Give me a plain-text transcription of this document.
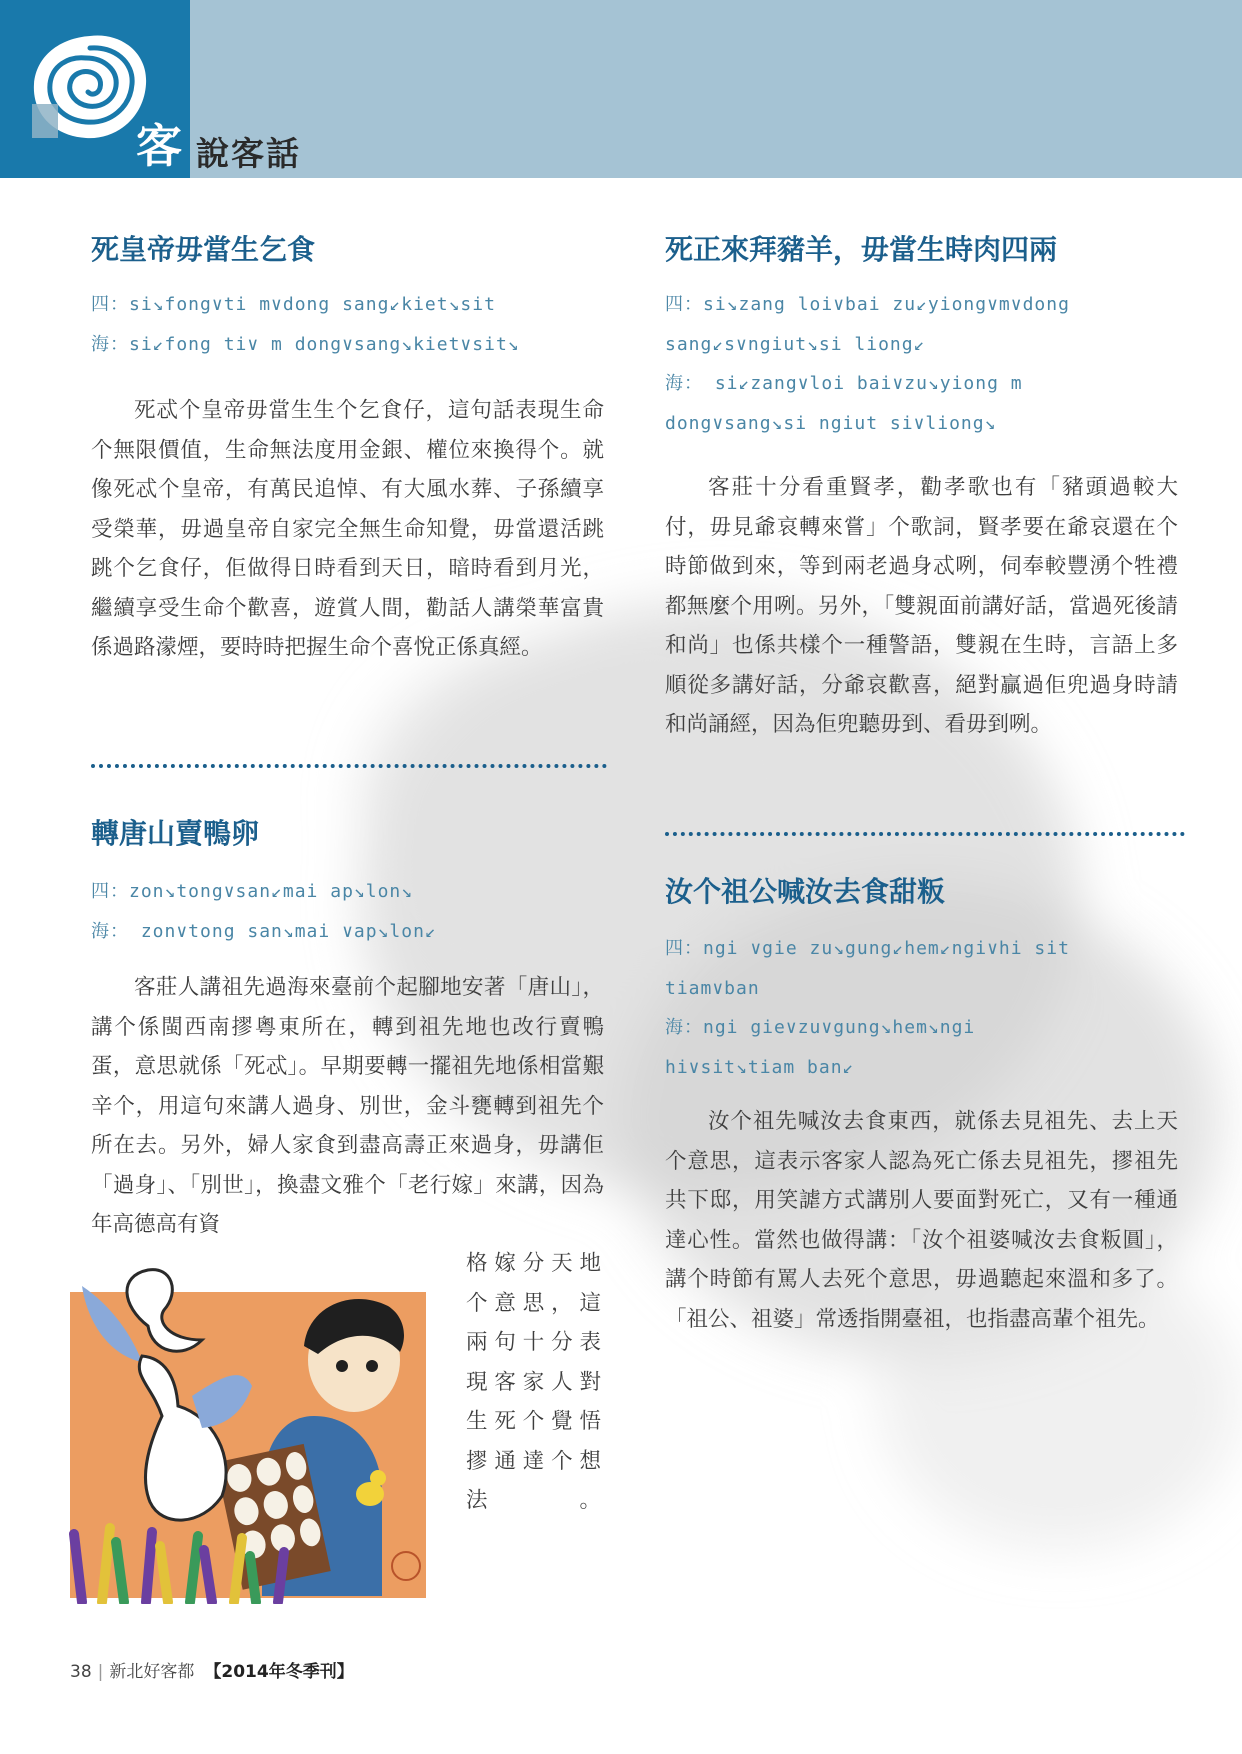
客 說客話
死皇帝毋當生乞食

四：si↘fong∨ti m∨dong sang↙kiet↘sit

海：si↙fong ti∨ m dong∨sang↘kiet∨sit↘

死忒个皇帝毋當生生个乞食仔，這句話表現生命个無限價值，生命無法度用金銀、權位來換得个。就像死忒个皇帝，有萬民追悼、有大風水葬、子孫續享受榮華，毋過皇帝自家完全無生命知覺，毋當還活跳跳个乞食仔，佢做得日時看到天日，暗時看到月光，繼續享受生命个歡喜，遊賞人間，勸話人講榮華富貴係過路濛煙，要時時把握生命个喜悅正係真經。

轉唐山賣鴨卵

四：zon↘tong∨san↙mai ap↘lon↘

海： zon∨tong san↘mai ∨ap↘lon↙

客莊人講祖先過海來臺前个起腳地安著「唐山」，講个係閩西南摎粵東所在，轉到祖先地也改行賣鴨蛋，意思就係「死忒」。早期要轉一擺祖先地係相當艱辛个，用這句來講人過身、別世，金斗甕轉到祖先个所在去。另外，婦人家食到盡高壽正來過身，毋講佢「過身」、「別世」，換盡文雅个「老行嫁」來講，因為年高德高有資

格嫁分天地个意思，這兩句十分表現客家人對生死个覺悟摎通達个想法。

死正來拜豬羊，毋當生時肉四兩

四：si↘zang loi∨bai zu↙yiong∨m∨dong

sang↙s∨ngiut↘si liong↙

海： si↙zang∨loi bai∨zu↘yiong m

dong∨sang↘si ngiut si∨liong↘

客莊十分看重賢孝，勸孝歌也有「豬頭過較大付，毋見爺哀轉來嘗」个歌詞，賢孝要在爺哀還在个時節做到來，等到兩老過身忒咧，伺奉較豐湧个牲禮都無麼个用咧。另外，「雙親面前講好話，當過死後請和尚」也係共樣个一種警語，雙親在生時，言語上多順從多講好話，分爺哀歡喜，絕對贏過佢兜過身時請和尚誦經，因為佢兜聽毋到、看毋到咧。

汝个祖公喊汝去食甜粄

四：ngi ∨gie zu↘gung↙hem↙ngi∨hi sit

tiam∨ban

海：ngi gie∨zu∨gung↘hem↘ngi

hi∨sit↘tiam ban↙

汝个祖先喊汝去食東西，就係去見祖先、去上天个意思，這表示客家人認為死亡係去見祖先，摎祖先共下邸，用笑謔方式講別人要面對死亡，又有一種通達心性。當然也做得講：「汝个祖婆喊汝去食粄圓」，講个時節有罵人去死个意思，毋過聽起來溫和多了。「祖公、祖婆」常透指開臺祖，也指盡高輩个祖先。

38 | 新北好客都 【2014年冬季刊】
